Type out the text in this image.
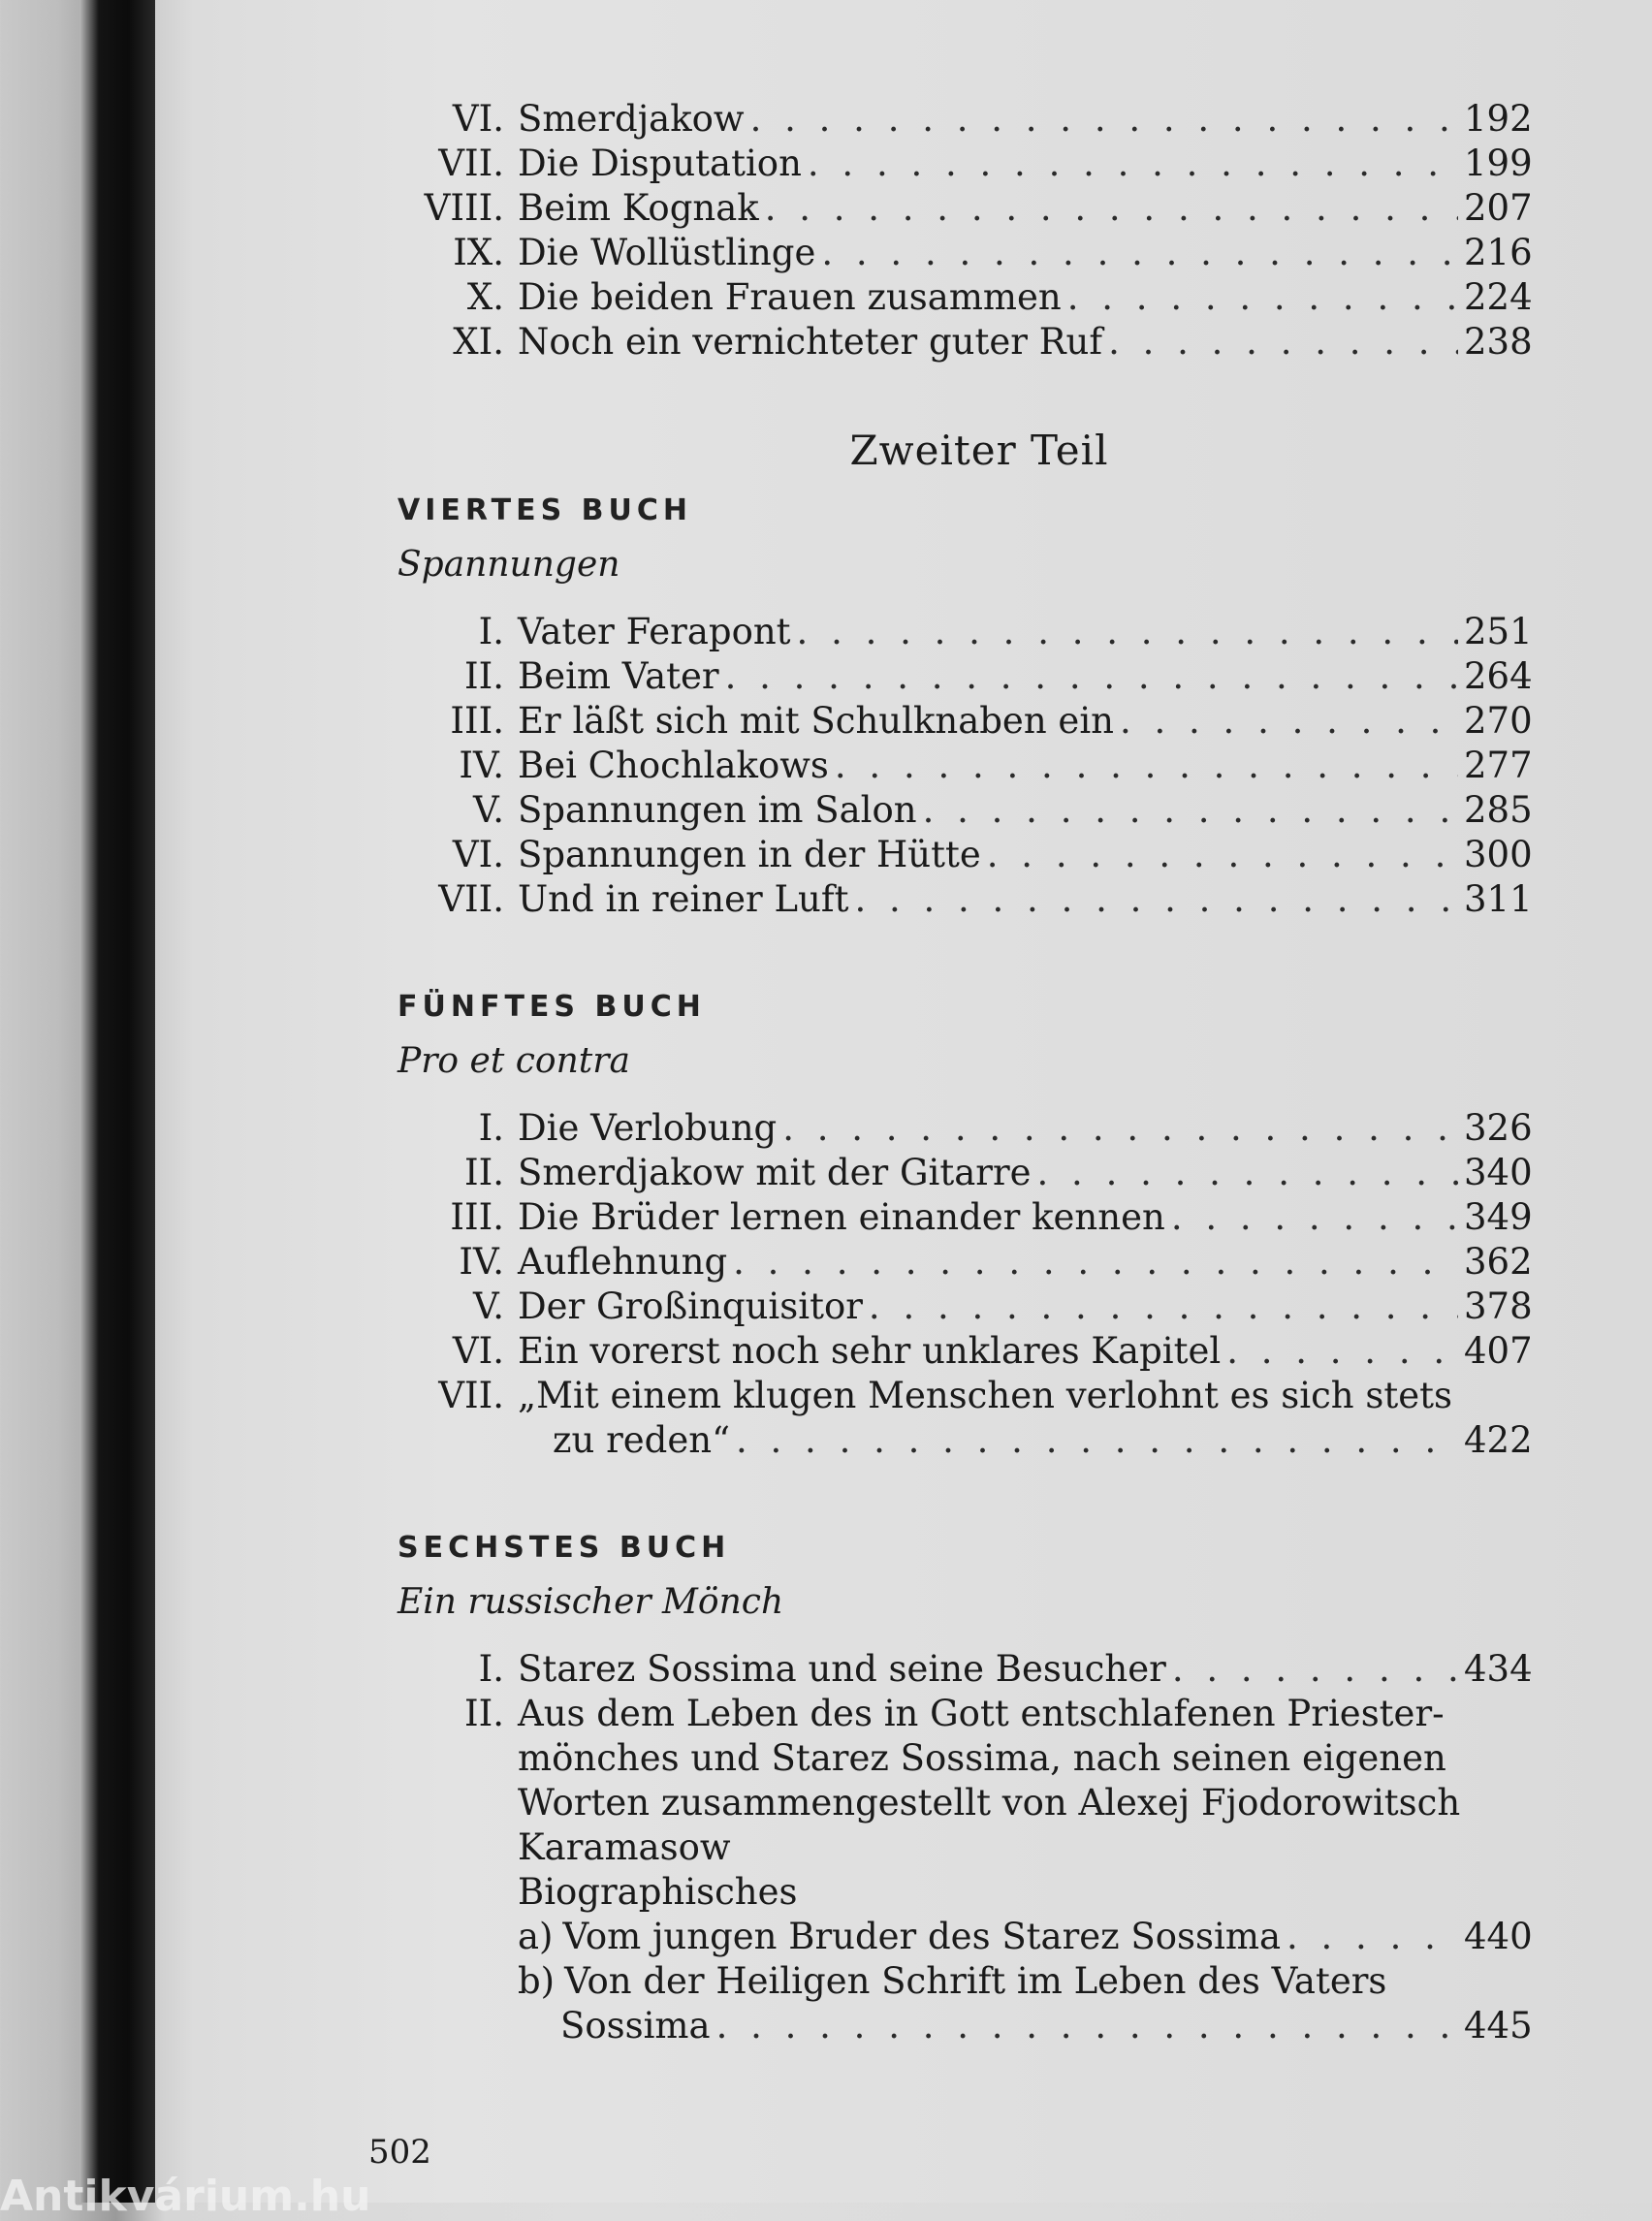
VI. Smerdjakow . . .	192
VII. Die Disputation . . .	199
VIII. Beim Kognak . . .	207
IX. Die Wollüstlinge . . .	216
X. Die beiden Frauen zusammen . . .	224
XI. Noch ein vernichteter guter Ruf . . .	238
Zweiter Teil
VIERTES BUCH
Spannungen
I. Vater Ferapont . . .	251
II. Beim Vater . . .	264
III. Er läßt sich mit Schulknaben ein . . .	270
IV. Bei Chochlakows . . .	277
V. Spannungen im Salon . . .	285
VI. Spannungen in der Hütte . . .	300
VII. Und in reiner Luft . . .	311
FÜNFTES BUCH
Pro et contra
I. Die Verlobung . . .	326
II. Smerdjakow mit der Gitarre . . .	340
III. Die Brüder lernen einander kennen . . .	349
IV. Auflehnung . . .	362
V. Der Großinquisitor . . .	378
VI. Ein vorerst noch sehr unklares Kapitel . . .	407
VII. „Mit einem klugen Menschen verlohnt es sich stets
zu reden“ . . .	422
SECHSTES BUCH
Ein russischer Mönch
I. Starez Sossima und seine Besucher . . .	434
II. Aus dem Leben des in Gott entschlafenen Priester-
mönches und Starez Sossima, nach seinen eigenen
Worten zusammengestellt von Alexej Fjodorowitsch
Karamasow
Biographisches
a) Vom jungen Bruder des Starez Sossima . . .	440
b) Von der Heiligen Schrift im Leben des Vaters
Sossima . . .	445
502
Antikvárium.hu
